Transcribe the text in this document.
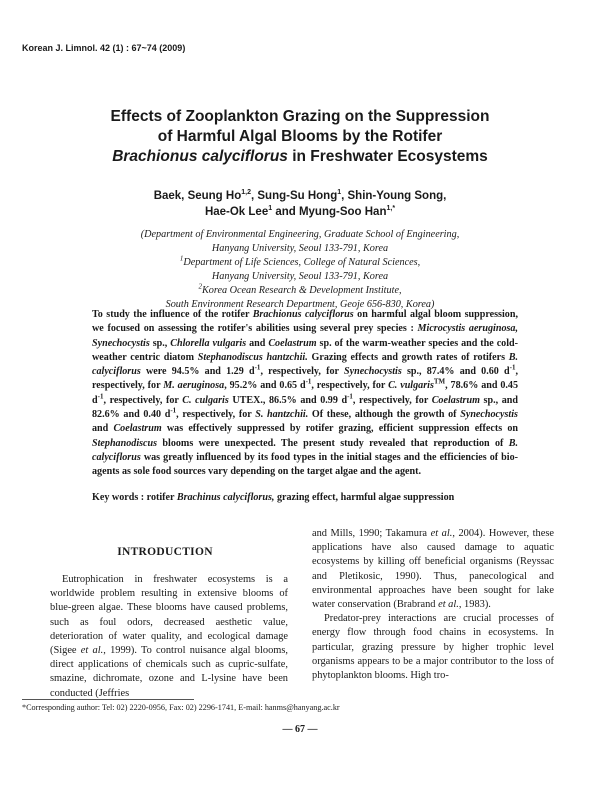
Korean J. Limnol. 42 (1) : 67~74 (2009)
Effects of Zooplankton Grazing on the Suppression
of Harmful Algal Blooms by the Rotifer
Brachionus calyciflorus in Freshwater Ecosystems
Baek, Seung Ho$^{1,2}$, Sung-Su Hong$^1$, Shin-Young Song,
Hae-Ok Lee$^1$ and Myung-Soo Han$^{1,*}$
(Department of Environmental Engineering, Graduate School of Engineering,
Hanyang University, Seoul 133-791, Korea
$^1$Department of Life Sciences, College of Natural Sciences,
Hanyang University, Seoul 133-791, Korea
$^2$Korea Ocean Research & Development Institute,
South Environment Research Department, Geoje 656-830, Korea)
To study the influence of the rotifer Brachionus calyciflorus on harmful algal bloom suppression, we focused on assessing the rotifer's abilities using several prey species : Microcystis aeruginosa, Synechocystis sp., Chlorella vulgaris and Coelastrum sp. of the warm-weather species and the cold-weather centric diatom Stephanodiscus hantzchii. Grazing effects and growth rates of rotifers B. calyciflorus were 94.5% and 1.29 $d^{-1}$, respectively, for Synechocystis sp., 87.4% and 0.60 $d^{-1}$, respectively, for M. aeruginosa, 95.2% and 0.65 $d^{-1}$, respectively, for C. vulgaris™, 78.6% and 0.45 $d^{-1}$, respectively, for C. culgaris UTEX., 86.5% and 0.99 $d^{-1}$, respectively, for Coelastrum sp., and 82.6% and 0.40 $d^{-1}$, respectively, for S. hantzchii. Of these, although the growth of Synechocystis and Coelastrum was effectively suppressed by rotifer grazing, efficient suppression effects on Stephanodiscus blooms were unexpected. The present study revealed that reproduction of B. calyciflorus was greatly influenced by its food types in the initial stages and the efficiencies of bio-agents as sole food sources vary depending on the target algae and the agent.
Key words : rotifer Brachinus calyciflorus, grazing effect, harmful algae suppression
INTRODUCTION

Eutrophication in freshwater ecosystems is a worldwide problem resulting in extensive blooms of blue-green algae. These blooms have caused problems, such as foul odors, decreased aesthetic value, deterioration of water quality, and ecological damage (Sigee et al., 1999). To control nuisance algal blooms, direct applications of chemicals such as cupric-sulfate, smazine, dichromate, ozone and L-lysine have been conducted (Jeffries

and Mills, 1990; Takamura et al., 2004). However, these applications have also caused damage to aquatic ecosystems by killing off beneficial organisms (Reyssac and Pletikosic, 1990). Thus, panecological and environmental approaches have been sought for lake water conservation (Brabrand et al., 1983).

Predator-prey interactions are crucial processes of energy flow through food chains in ecosystems. In particular, grazing pressure by higher trophic level organisms appears to be a major contributor to the loss of phytoplankton blooms. High tro-

*Corresponding author: Tel: 02) 2220-0956, Fax: 02) 2296-1741, E-mail: hanms@hanyang.ac.kr
— 67 —
